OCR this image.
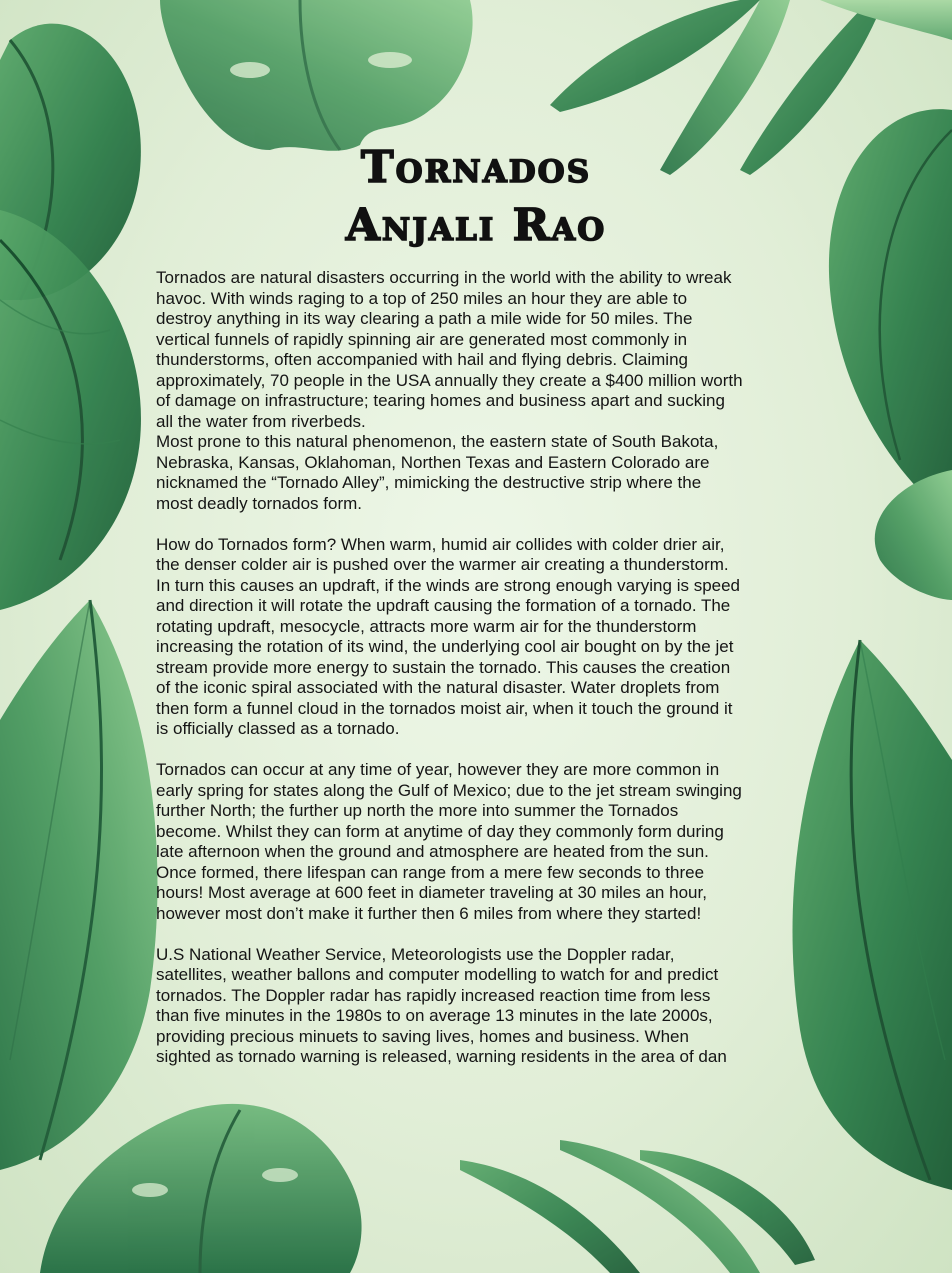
Tornados
Anjali Rao

Tornados are natural disasters occurring in the world with the ability to wreak
havoc. With winds raging to a top of 250 miles an hour they are able to
destroy anything in its way clearing a path a mile wide for 50 miles. The
vertical funnels of rapidly spinning air are generated most commonly in
thunderstorms, often accompanied with hail and flying debris. Claiming
approximately, 70 people in the USA annually they create a $400 million worth
of damage on infrastructure; tearing homes and business apart and sucking
all the water from riverbeds.

Most prone to this natural phenomenon, the eastern state of South Bakota,
Nebraska, Kansas, Oklahoman, Northen Texas and Eastern Colorado are
nicknamed the “Tornado Alley”, mimicking the destructive strip where the
most deadly tornados form.

How do Tornados form? When warm, humid air collides with colder drier air,
the denser colder air is pushed over the warmer air creating a thunderstorm.
In turn this causes an updraft, if the winds are strong enough varying is speed
and direction it will rotate the updraft causing the formation of a tornado. The
rotating updraft, mesocycle, attracts more warm air for the thunderstorm
increasing the rotation of its wind, the underlying cool air bought on by the jet
stream provide more energy to sustain the tornado. This causes the creation
of the iconic spiral associated with the natural disaster. Water droplets from
then form a funnel cloud in the tornados moist air, when it touch the ground it
is officially classed as a tornado.

Tornados can occur at any time of year, however they are more common in
early spring for states along the Gulf of Mexico; due to the jet stream swinging
further North; the further up north the more into summer the Tornados
become. Whilst they can form at anytime of day they commonly form during
late afternoon when the ground and atmosphere are heated from the sun.
Once formed, there lifespan can range from a mere few seconds to three
hours! Most average at 600 feet in diameter traveling at 30 miles an hour,
however most don’t make it further then 6 miles from where they started!

U.S National Weather Service, Meteorologists use the Doppler radar,
satellites, weather ballons and computer modelling to watch for and predict
tornados. The Doppler radar has rapidly increased reaction time from less
than five minutes in the 1980s to on average 13 minutes in the late 2000s,
providing precious minuets to saving lives, homes and business. When
sighted as tornado warning is released, warning residents in the area of dan
